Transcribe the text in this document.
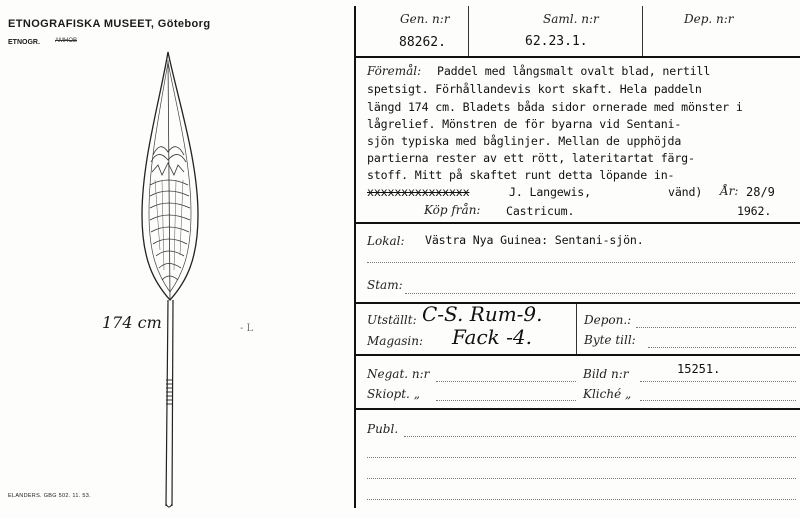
ETNOGRAFISKA MUSEET, Göteborg
ETNOGR.	AMHOB
174 cm	- L
ELANDERS. GBG 502. 11. 53.
Gen. n:r
88262.
Saml. n:r
62.23.1.
Dep. n:r
Föremål: Paddel med långsmalt ovalt blad, nertill
spetsigt. Förhållandevis kort skaft. Hela paddeln
längd 174 cm. Bladets båda sidor ornerade med mönster i
lågrelief. Mönstren de för byarna vid Sentani-
sjön typiska med båglinjer. Mellan de upphöjda
partierna rester av ett rött, lateritartat färg-
stoff. Mitt på skaftet runt detta löpande in-
xxxxxxxxxxxxxxx	J. Langewis,	vänd) År: 28/9
Köp från: Castricum.	1962.
Lokal: Västra Nya Guinea: Sentani-sjön.
Stam:
Utställt: C-S. Rum-9.	Depon.:
Magasin: Fack -4.	Byte till:
Negat. n:r	Bild n:r	15251.
Skiopt. „	Kliché „
Publ.
